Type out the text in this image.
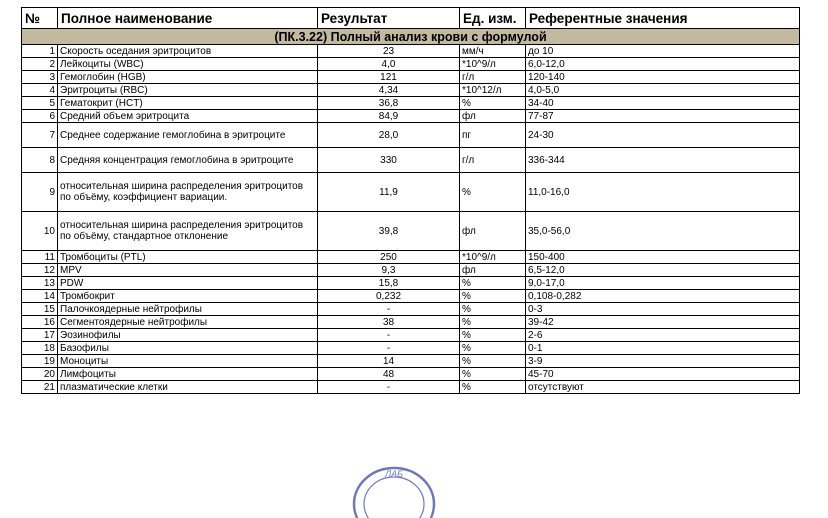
№	Полное наименование	Результат	Ед. изм.	Референтные значения
(ПК.3.22) Полный анализ крови с формулой				
1	Скорость оседания эритроцитов	23	мм/ч	до 10
2	Лейкоциты (WBC)	4,0	*10^9/л	6,0-12,0
3	Гемоглобин (HGB)	121	г/л	120-140
4	Эритроциты (RBC)	4,34	*10^12/л	4,0-5,0
5	Гематокрит (HCT)	36,8	%	34-40
6	Средний объем эритроцита	84,9	фл	77-87
7	Среднее содержание гемоглобина в эритроците	28,0	пг	24-30
8	Средняя концентрация гемоглобина в эритроците	330	г/л	336-344
9	относительная ширина распределения эритроцитов по объёму, коэффициент вариации.	11,9	%	11,0-16,0
10	относительная ширина распределения эритроцитов по объёму, стандартное отклонение	39,8	фл	35,0-56,0
11	Тромбоциты (PTL)	250	*10^9/л	150-400
12	MPV	9,3	фл	6,5-12,0
13	PDW	15,8	%	9,0-17,0
14	Тромбокрит	0,232	%	0,108-0,282
15	Палочкоядерные нейтрофилы	-	%	0-3
16	Сегментоядерные нейтрофилы	38	%	39-42
17	Эозинофилы	-	%	2-6
18	Базофилы	-	%	0-1
19	Моноциты	14	%	3-9
20	Лимфоциты	48	%	45-70
21	плазматические клетки	-	%	отсутствуют
ЛАБ
